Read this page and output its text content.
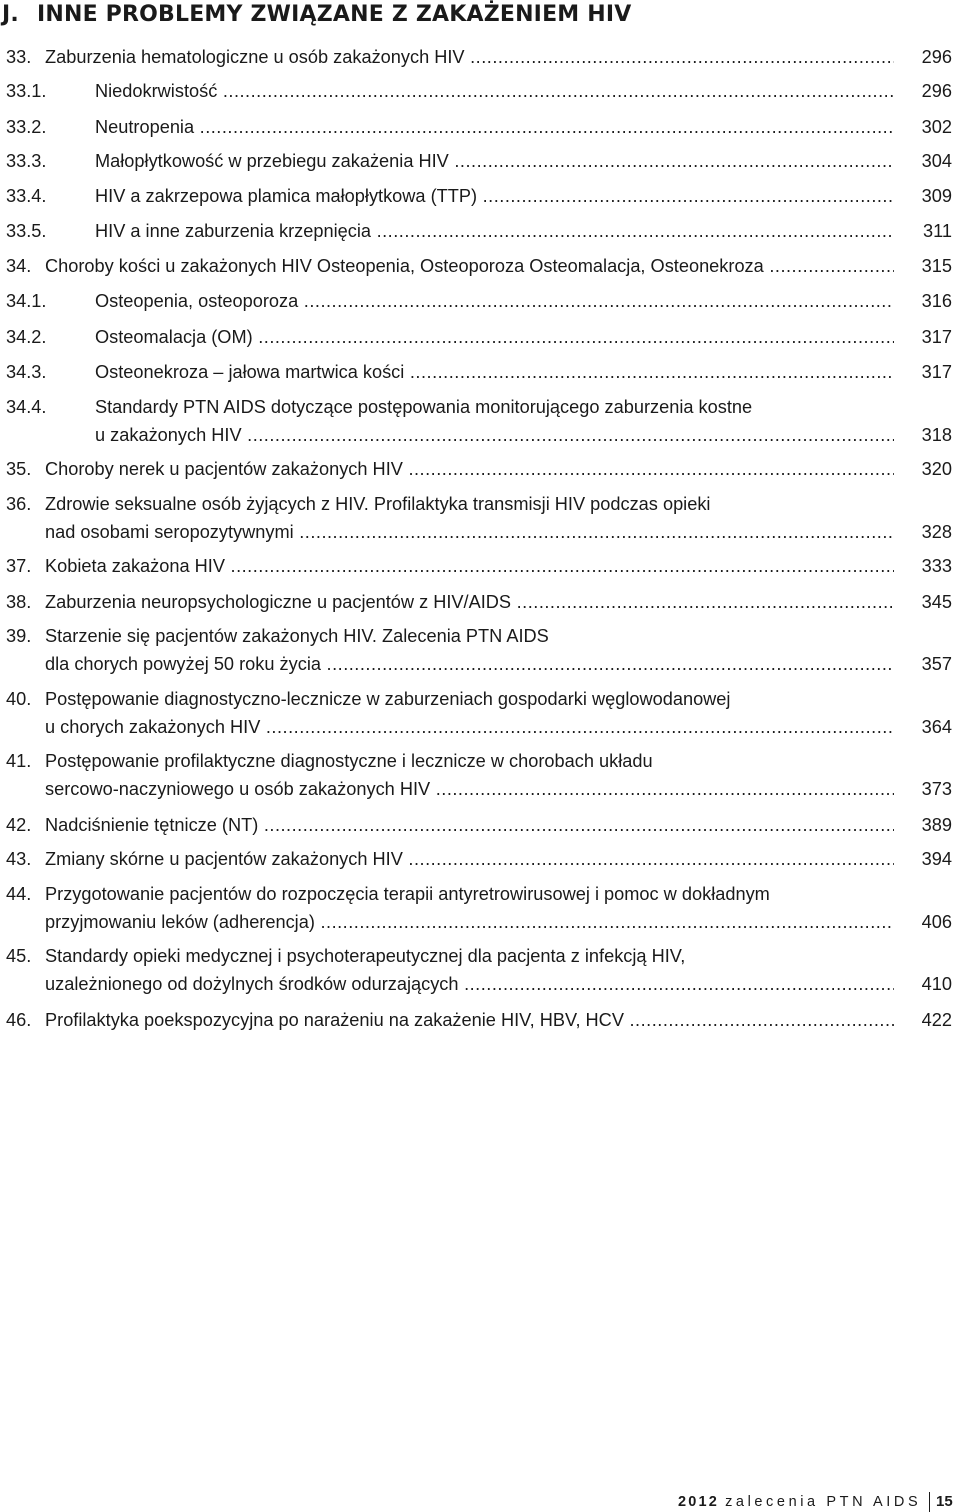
J. INNE PROBLEMY ZWIĄZANE Z ZAKAŻENIEM HIV
33. Zaburzenia hematologiczne u osób zakażonych HIV .....	296
33.1.	Niedokrwistość .....	296
33.2.	Neutropenia .....	302
33.3.	Małopłytkowość w przebiegu zakażenia HIV .....	304
33.4.	HIV a zakrzepowa plamica małopłytkowa (TTP) .....	309
33.5.	HIV a inne zaburzenia krzepnięcia .....	311
34. Choroby kości u zakażonych HIV Osteopenia, Osteoporoza Osteomalacja, Osteonekroza .....	315
34.1.	Osteopenia, osteoporoza .....	316
34.2.	Osteomalacja (OM) .....	317
34.3.	Osteonekroza – jałowa martwica kości .....	317
34.4.	Standardy PTN AIDS dotyczące postępowania monitorującego zaburzenia kostne
u zakażonych HIV .....	318
35. Choroby nerek u pacjentów zakażonych HIV .....	320
36. Zdrowie seksualne osób żyjących z HIV. Profilaktyka transmisji HIV podczas opieki
nad osobami seropozytywnymi .....	328
37. Kobieta zakażona HIV .....	333
38. Zaburzenia neuropsychologiczne u pacjentów z HIV/AIDS .....	345
39. Starzenie się pacjentów zakażonych HIV. Zalecenia PTN AIDS
dla chorych powyżej 50 roku życia .....	357
40. Postępowanie diagnostyczno-lecznicze w zaburzeniach gospodarki węglowodanowej
u chorych zakażonych HIV .....	364
41. Postępowanie profilaktyczne diagnostyczne i lecznicze w chorobach układu
sercowo-naczyniowego u osób zakażonych HIV .....	373
42. Nadciśnienie tętnicze (NT) .....	389
43. Zmiany skórne u pacjentów zakażonych HIV .....	394
44. Przygotowanie pacjentów do rozpoczęcia terapii antyretrowirusowej i pomoc w dokładnym
przyjmowaniu leków (adherencja) .....	406
45. Standardy opieki medycznej i psychoterapeutycznej dla pacjenta z infekcją HIV,
uzależnionego od dożylnych środków odurzających .....	410
46. Profilaktyka poekspozycyjna po narażeniu na zakażenie HIV, HBV, HCV .....	422
2012 zalecenia PTN AIDS 15
